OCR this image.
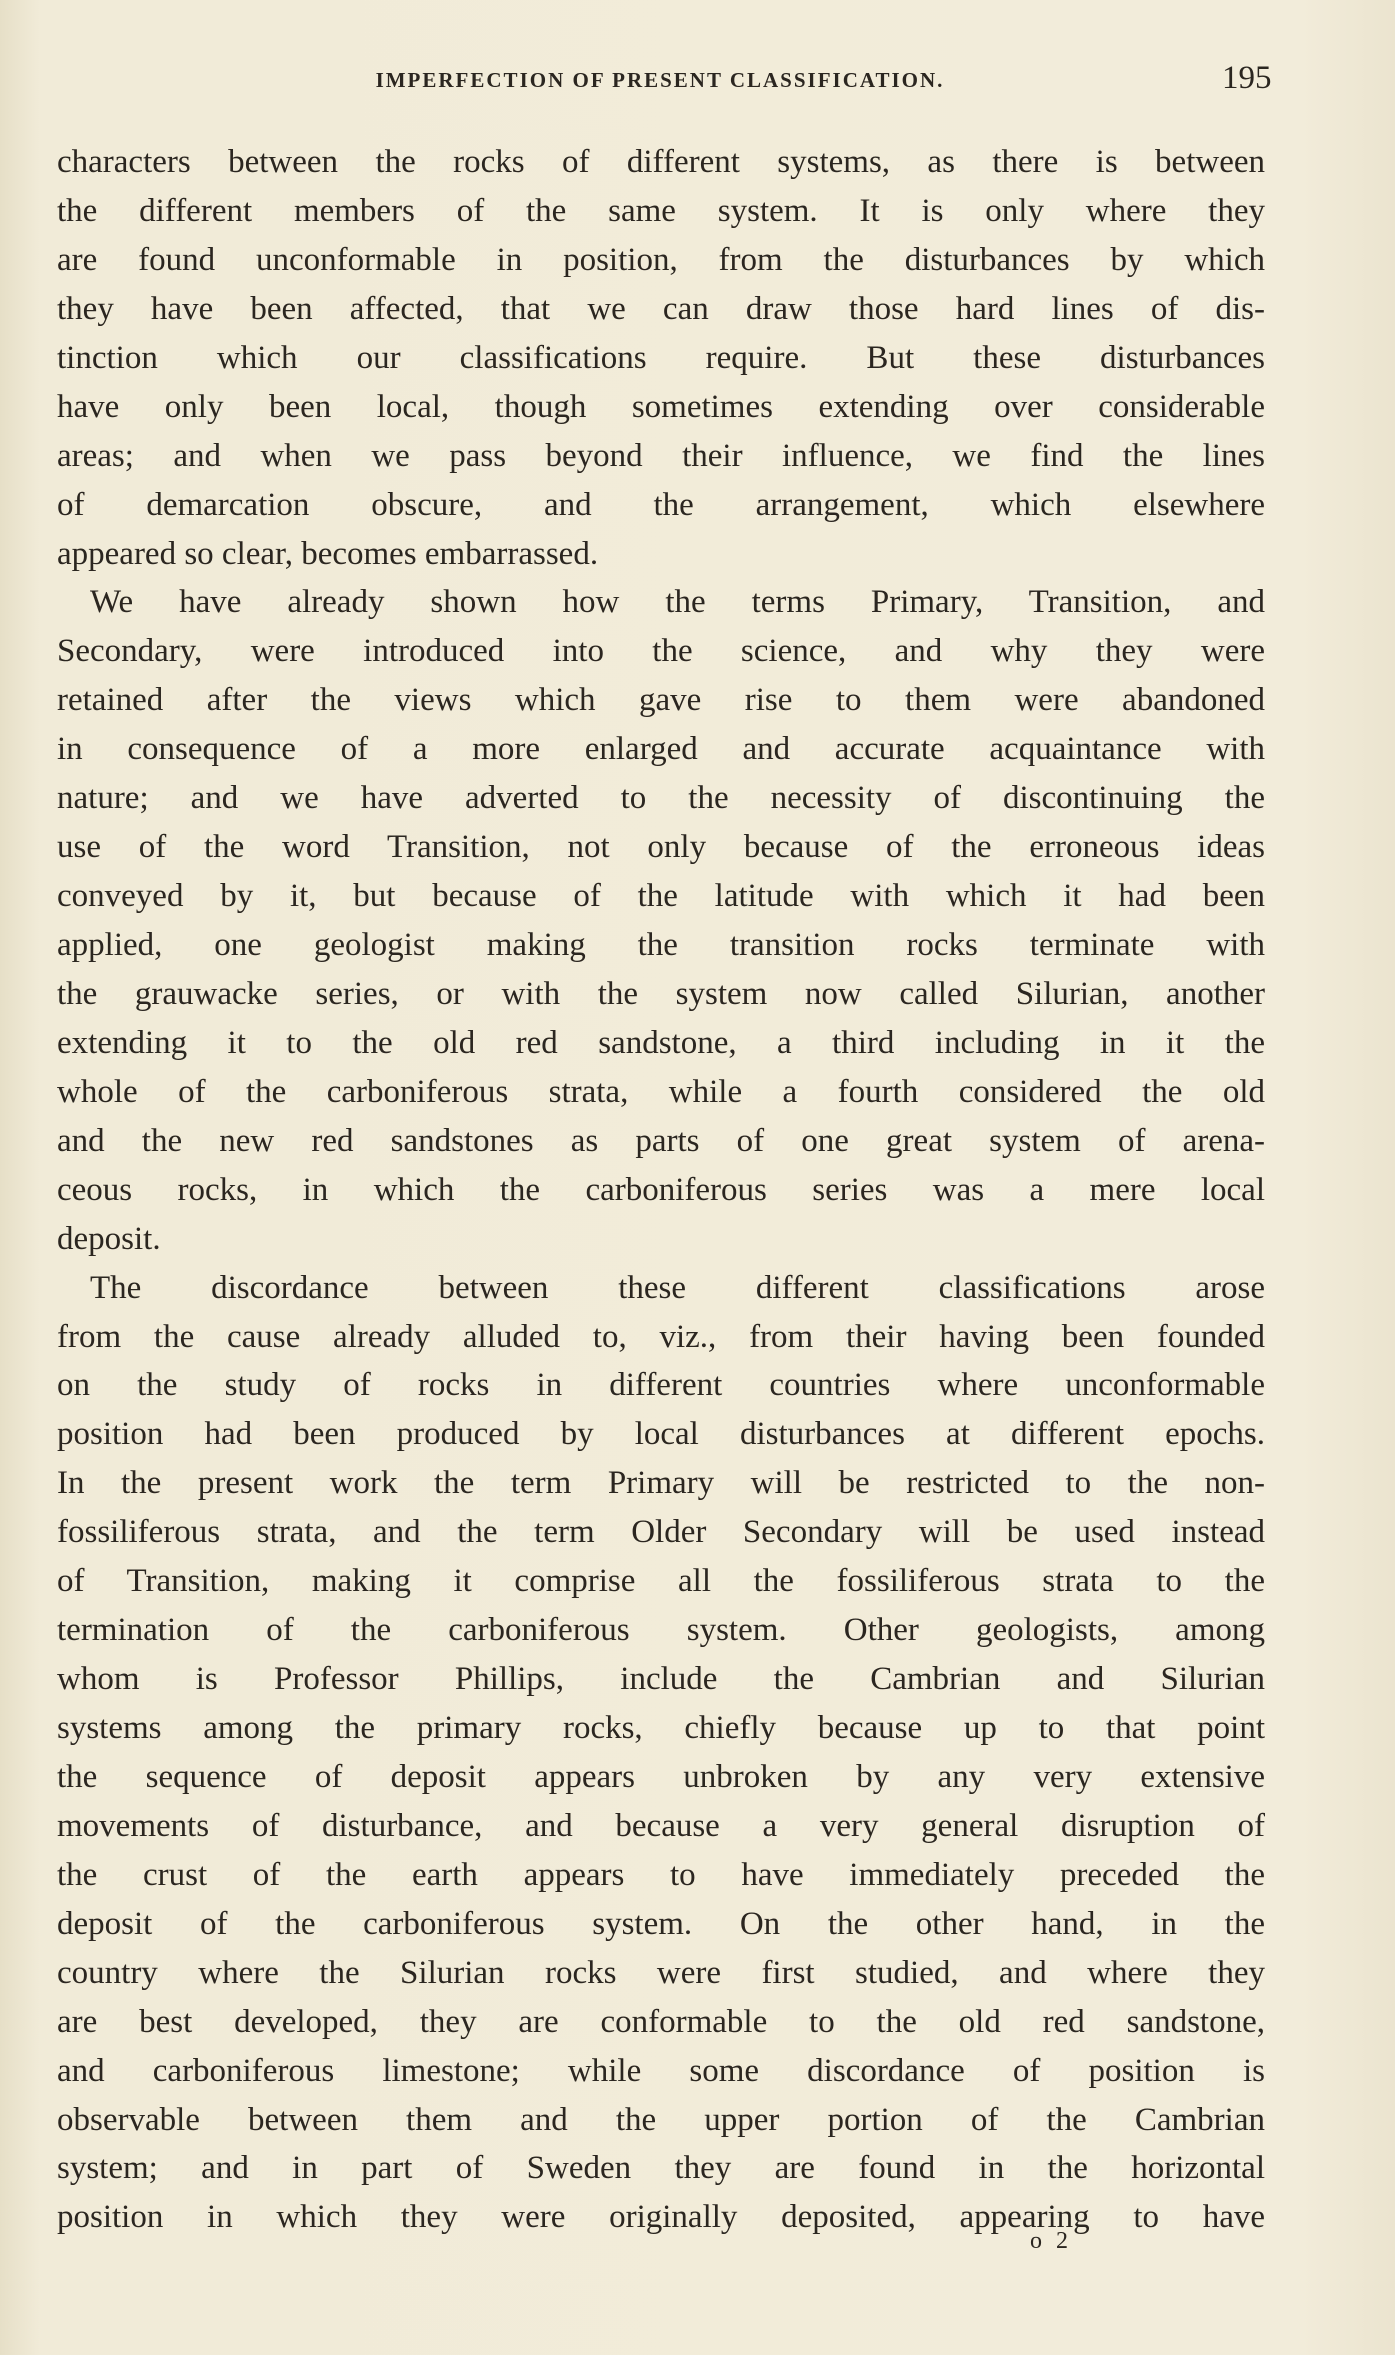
IMPERFECTION OF PRESENT CLASSIFICATION.	195
characters between the rocks of different systems, as there is between
the different members of the same system. It is only where they
are found unconformable in position, from the disturbances by which
they have been affected, that we can draw those hard lines of dis-
tinction which our classifications require. But these disturbances
have only been local, though sometimes extending over considerable
areas; and when we pass beyond their influence, we find the lines
of demarcation obscure, and the arrangement, which elsewhere
appeared so clear, becomes embarrassed.
We have already shown how the terms Primary, Transition, and
Secondary, were introduced into the science, and why they were
retained after the views which gave rise to them were abandoned
in consequence of a more enlarged and accurate acquaintance with
nature; and we have adverted to the necessity of discontinuing the
use of the word Transition, not only because of the erroneous ideas
conveyed by it, but because of the latitude with which it had been
applied, one geologist making the transition rocks terminate with
the grauwacke series, or with the system now called Silurian, another
extending it to the old red sandstone, a third including in it the
whole of the carboniferous strata, while a fourth considered the old
and the new red sandstones as parts of one great system of arena-
ceous rocks, in which the carboniferous series was a mere local
deposit.
The discordance between these different classifications arose
from the cause already alluded to, viz., from their having been founded
on the study of rocks in different countries where unconformable
position had been produced by local disturbances at different epochs.
In the present work the term Primary will be restricted to the non-
fossiliferous strata, and the term Older Secondary will be used instead
of Transition, making it comprise all the fossiliferous strata to the
termination of the carboniferous system. Other geologists, among
whom is Professor Phillips, include the Cambrian and Silurian
systems among the primary rocks, chiefly because up to that point
the sequence of deposit appears unbroken by any very extensive
movements of disturbance, and because a very general disruption of
the crust of the earth appears to have immediately preceded the
deposit of the carboniferous system. On the other hand, in the
country where the Silurian rocks were first studied, and where they
are best developed, they are conformable to the old red sandstone,
and carboniferous limestone; while some discordance of position is
observable between them and the upper portion of the Cambrian
system; and in part of Sweden they are found in the horizontal
position in which they were originally deposited, appearing to have
o 2
